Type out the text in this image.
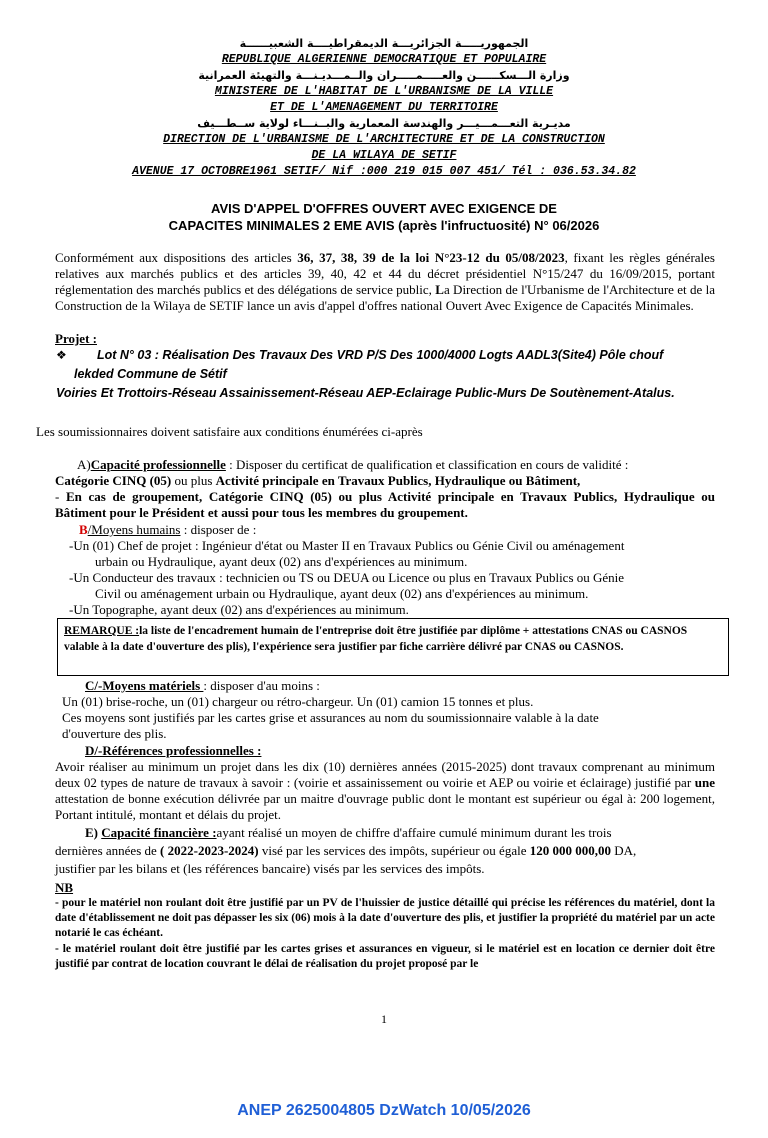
الجمهوريـــــة الجزائريـــة الديمقراطيــــة الشعبيــــــة
REPUBLIQUE ALGERIENNE DEMOCRATIQUE ET POPULAIRE
وزارة الـــسكــــــن والعـــــمـــــران والــمـــديـنـــة والتهيئة العمرانية
MINISTERE DE L'HABITAT DE L'URBANISME DE LA VILLE
ET DE L'AMENAGEMENT DU TERRITOIRE
مديـرية التعـــمـــيـــر والهندسة المعمارية والبــنـــاء لولاية ســطـــيف
DIRECTION DE L'URBANISME DE L'ARCHITECTURE ET DE LA CONSTRUCTION
DE LA WILAYA DE SETIF
AVENUE 17 OCTOBRE1961 SETIF/ Nif :000 219 015 007 451/ Tél : 036.53.34.82
AVIS D'APPEL D'OFFRES OUVERT AVEC EXIGENCE DE
CAPACITES MINIMALES 2 EME AVIS (après l'infructuosité) N° 06/2026
Conformément aux dispositions des articles 36, 37, 38, 39 de la loi N°23-12 du 05/08/2023, fixant les règles générales relatives aux marchés publics et des articles 39, 40, 42 et 44 du décret présidentiel N°15/247 du 16/09/2015, portant réglementation des marchés publics et des délégations de service public, La Direction de l'Urbanisme de l'Architecture et de la Construction de la Wilaya de SETIF lance un avis d'appel d'offres national Ouvert Avec Exigence de Capacités Minimales.
Projet :
❖ Lot N° 03 : Réalisation Des Travaux Des VRD P/S Des 1000/4000 Logts AADL3(Site4) Pôle chouf
lekded Commune de Sétif
Voiries Et Trottoirs-Réseau Assainissement-Réseau AEP-Eclairage Public-Murs De Soutènement-Atalus.
Les soumissionnaires doivent satisfaire aux conditions énumérées ci-après
A)Capacité professionnelle : Disposer du certificat de qualification et classification en cours de validité :
Catégorie CINQ (05) ou plus Activité principale en Travaux Publics, Hydraulique ou Bâtiment,
- En cas de groupement, Catégorie CINQ (05) ou plus Activité principale en Travaux Publics, Hydraulique ou Bâtiment pour le Président et aussi pour tous les membres du groupement.
B/Moyens humains : disposer de :
-Un (01) Chef de projet : Ingénieur d'état ou Master II en Travaux Publics ou Génie Civil ou aménagement
urbain ou Hydraulique, ayant deux (02) ans d'expériences au minimum.
-Un Conducteur des travaux : technicien ou TS ou DEUA ou Licence ou plus en Travaux Publics ou Génie
Civil ou aménagement urbain ou Hydraulique, ayant deux (02) ans d'expériences au minimum.
-Un Topographe, ayant deux (02) ans d'expériences au minimum.
REMARQUE :la liste de l'encadrement humain de l'entreprise doit être justifiée par diplôme + attestations CNAS ou CASNOS valable à la date d'ouverture des plis), l'expérience sera justifier par fiche carrière délivré par CNAS ou CASNOS.
C/-Moyens matériels : disposer d'au moins :
Un (01) brise-roche, un (01) chargeur ou rétro-chargeur. Un (01) camion 15 tonnes et plus.
Ces moyens sont justifiés par les cartes grise et assurances au nom du soumissionnaire valable à la date
d'ouverture des plis.
D/-Références professionnelles :
Avoir réaliser au minimum un projet dans les dix (10) dernières années (2015-2025) dont travaux comprenant au minimum deux 02 types de nature de travaux à savoir : (voirie et assainissement ou voirie et AEP ou voirie et éclairage) justifié par une attestation de bonne exécution délivrée par un maitre d'ouvrage public dont le montant est supérieur ou égal à: 200 logement, Portant intitulé, montant et délais du projet.
E) Capacité financière :ayant réalisé un moyen de chiffre d'affaire cumulé minimum durant les trois
dernières années de ( 2022-2023-2024) visé par les services des impôts, supérieur ou égale 120 000 000,00 DA,
justifier par les bilans et (les références bancaire) visés par les services des impôts.
NB
- pour le matériel non roulant doit être justifié par un PV de l'huissier de justice détaillé qui précise les références du matériel, dont la date d'établissement ne doit pas dépasser les six (06) mois à la date d'ouverture des plis, et justifier la propriété du matériel par un acte notarié le cas échéant.
- le matériel roulant doit être justifié par les cartes grises et assurances en vigueur, si le matériel est en location ce dernier doit être justifié par contrat de location couvrant le délai de réalisation du projet proposé par le
1
ANEP 2625004805 DzWatch 10/05/2026
